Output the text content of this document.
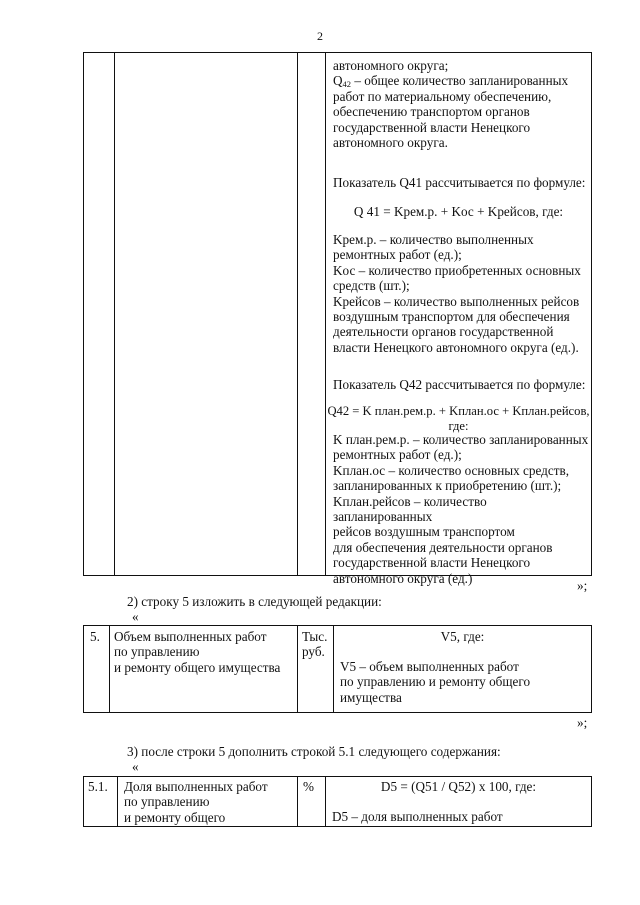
2
автономного округа;
$Q_{42}$ – общее количество запланированных
работ по материальному обеспечению,
обеспечению транспортом органов
государственной власти Ненецкого
автономного округа.
Показатель Q41 рассчитывается по формуле:
Q 41 = Kрем.р. + Kос + Kрейсов, где:
Kрем.р. – количество выполненных
ремонтных работ (ед.);
Kос – количество приобретенных основных
средств (шт.);
Kрейсов – количество выполненных рейсов
воздушным транспортом для обеспечения
деятельности органов государственной
власти Ненецкого автономного округа (ед.).
Показатель Q42 рассчитывается по формуле:
Q42 = K план.рем.р. + Kплан.ос + Kплан.рейсов, где:
K план.рем.р. – количество запланированных
ремонтных работ (ед.);
Kплан.ос – количество основных средств,
запланированных к приобретению (шт.);
Kплан.рейсов – количество запланированных
рейсов воздушным транспортом
для обеспечения деятельности органов
государственной власти Ненецкого
автономного округа (ед.)	»;
2) строку 5 изложить в следующей редакции:
«
5. Объем выполненных работ
по управлению
и ремонту общего имущества
Тыс.
руб.
V5, где:
V5 – объем выполненных работ
по управлению и ремонту общего
имущества
»;
3) после строки 5 дополнить строкой 5.1 следующего содержания:
«
5.1. Доля выполненных работ
по управлению
и ремонту общего
%	D5 = (Q51 / Q52) x 100, где:
D5 – доля выполненных работ
